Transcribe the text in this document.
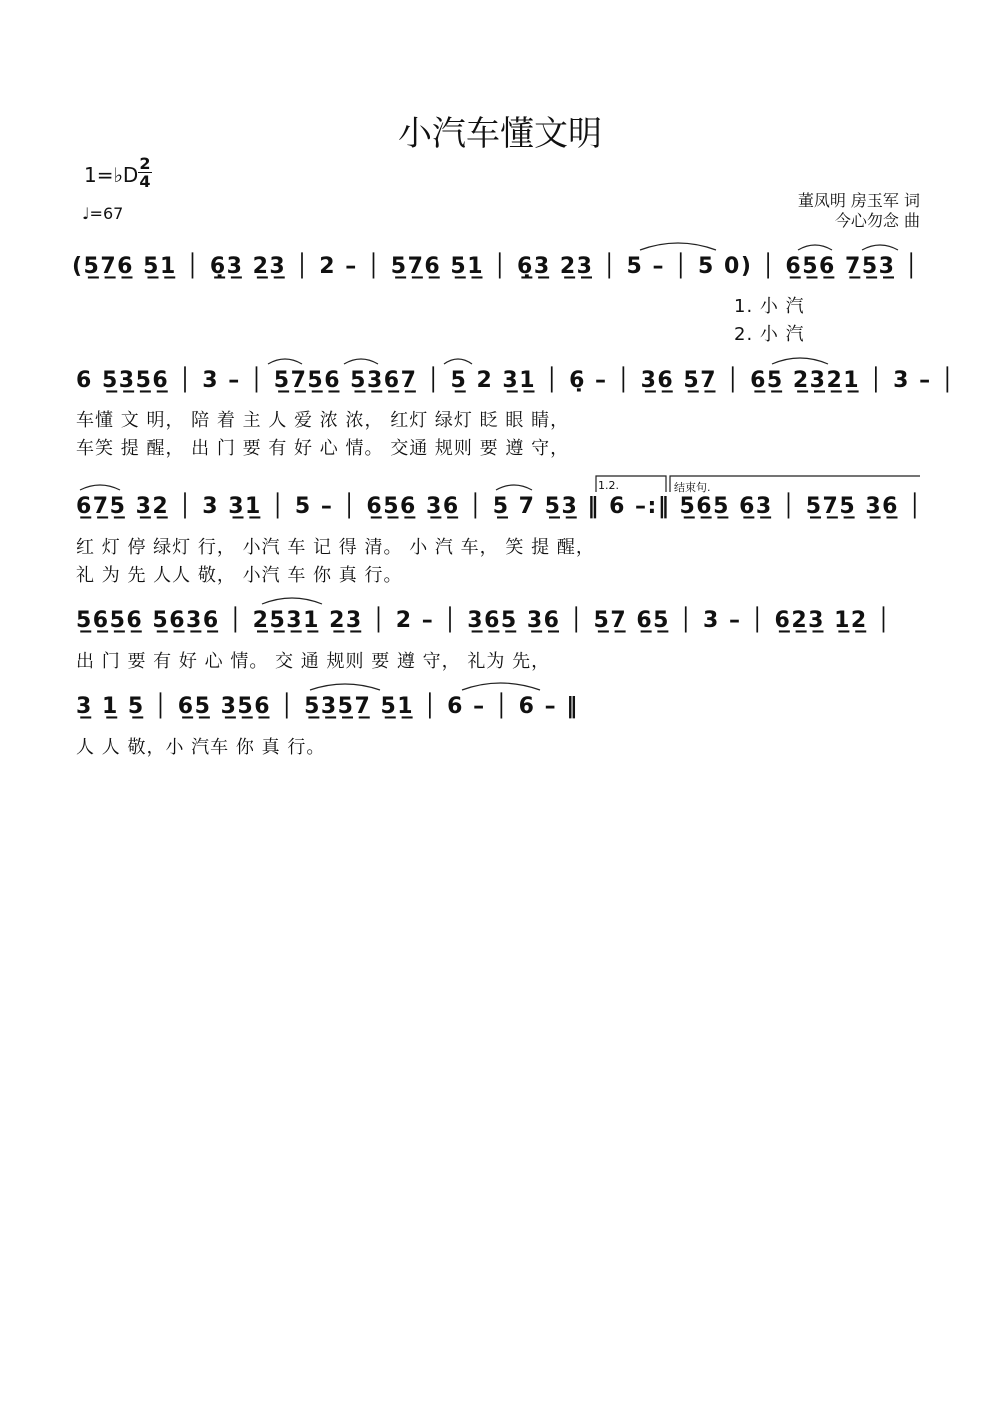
小汽车懂文明
1=♭D 2
4
♩=67
董凤明 房玉军 词
今心勿念 曲
(5̲7̲6̲ 5̲1̲ │ 6̣̲3̲ 2̲3̲ │ 2 – │ 5̲7̲6̲ 5̲1̲ │ 6̣̲3̲ 2̲3̲ │ 5 – │ 5 0) │ 6̲5̲6̲ 7̲5̲3̲ │
1. 小 汽
2. 小 汽
6 5̲3̲5̲6̲ │ 3 – │ 5̲7̲5̲6̲ 5̲3̲6̲7̲ │ 5̲ 2 3̲1̲ │ 6̣ – │ 3̲6̲ 5̲7̲ │ 6̲5̲ 2̲3̲2̲1̲ │ 3 – │
车懂 文 明， 陪 着 主 人 爱 浓 浓， 红灯 绿灯 眨 眼 睛，
车笑 提 醒， 出 门 要 有 好 心 情。 交通 规则 要 遵 守，
1.2.	结束句.
6̲7̲5̲ 3̲2̲ │ 3 3̲1̲ │ 5 – │ 6̲5̲6̲ 3̲6̲ │ 5̲ 7 5̲3̲ ‖ 6 –:‖ 5̲6̲5̲ 6̲3̲ │ 5̲7̲5̲ 3̲6̲ │
红 灯 停 绿灯 行， 小汽 车 记 得 清。 小 汽 车， 笑 提 醒，
礼 为 先 人人 敬， 小汽 车 你 真 行。
5̲6̲5̲6̲ 5̲6̲3̲6̲ │ 2̲5̲3̲1̲ 2̲3̲ │ 2 – │ 3̲6̲5̲ 3̲6̲ │ 5̲7̲ 6̲5̲ │ 3 – │ 6̲2̲3̲ 1̲2̲ │
出 门 要 有 好 心 情。 交 通 规则 要 遵 守， 礼为 先，
3̲ 1̲ 5̲ │ 6̲5̲ 3̲5̲6̲ │ 5̲3̲5̲7̲ 5̲1̲ │ 6 – │ 6 – ‖
人 人 敬，小 汽车 你 真 行。
